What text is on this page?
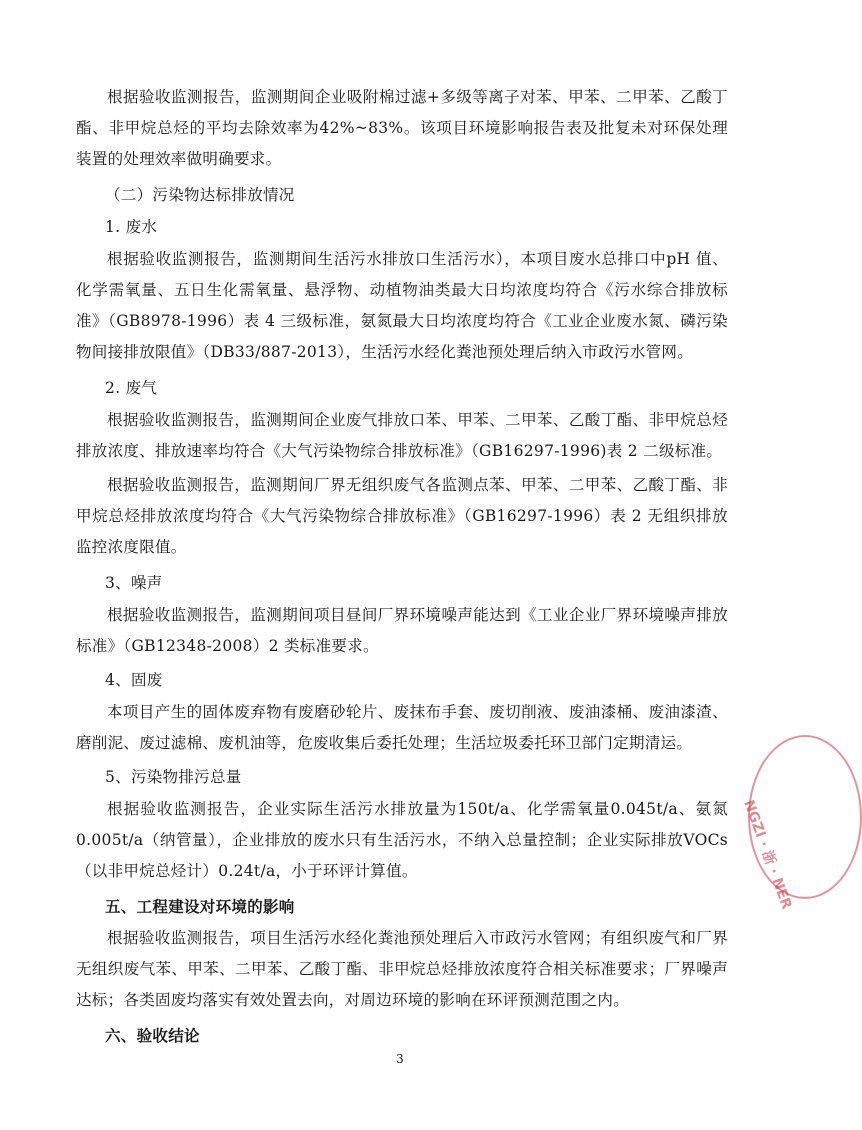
根据验收监测报告，监测期间企业吸附棉过滤+多级等离子对苯、甲苯、二甲苯、乙酸丁酯、非甲烷总烃的平均去除效率为42%~83%。该项目环境影响报告表及批复未对环保处理装置的处理效率做明确要求。

（二）污染物达标排放情况

1. 废水

根据验收监测报告，监测期间生活污水排放口生活污水），本项目废水总排口中pH 值、化学需氧量、五日生化需氧量、悬浮物、动植物油类最大日均浓度均符合《污水综合排放标准》（GB8978-1996）表 4 三级标准，氨氮最大日均浓度均符合《工业企业废水氮、磷污染物间接排放限值》（DB33/887-2013），生活污水经化粪池预处理后纳入市政污水管网。

2. 废气

根据验收监测报告，监测期间企业废气排放口苯、甲苯、二甲苯、乙酸丁酯、非甲烷总烃排放浓度、排放速率均符合《大气污染物综合排放标准》（GB16297-1996)表 2 二级标准。

根据验收监测报告，监测期间厂界无组织废气各监测点苯、甲苯、二甲苯、乙酸丁酯、非甲烷总烃排放浓度均符合《大气污染物综合排放标准》（GB16297-1996）表 2 无组织排放监控浓度限值。

3、噪声

根据验收监测报告，监测期间项目昼间厂界环境噪声能达到《工业企业厂界环境噪声排放标准》（GB12348-2008）2 类标准要求。

4、固废

本项目产生的固体废弃物有废磨砂轮片、废抹布手套、废切削液、废油漆桶、废油漆渣、磨削泥、废过滤棉、废机油等，危废收集后委托处理；生活垃圾委托环卫部门定期清运。

5、污染物排污总量

根据验收监测报告，企业实际生活污水排放量为150t/a、化学需氧量0.045t/a、氨氮0.005t/a（纳管量），企业排放的废水只有生活污水，不纳入总量控制；企业实际排放VOCs（以非甲烷总烃计）0.24t/a，小于环评计算值。

五、工程建设对环境的影响

根据验收监测报告，项目生活污水经化粪池预处理后入市政污水管网；有组织废气和厂界无组织废气苯、甲苯、二甲苯、乙酸丁酯、非甲烷总烃排放浓度符合相关标准要求；厂界噪声达标；各类固废均落实有效处置去向，对周边环境的影响在环评预测范围之内。

六、验收结论

3
NGZI · 浙 · NER
